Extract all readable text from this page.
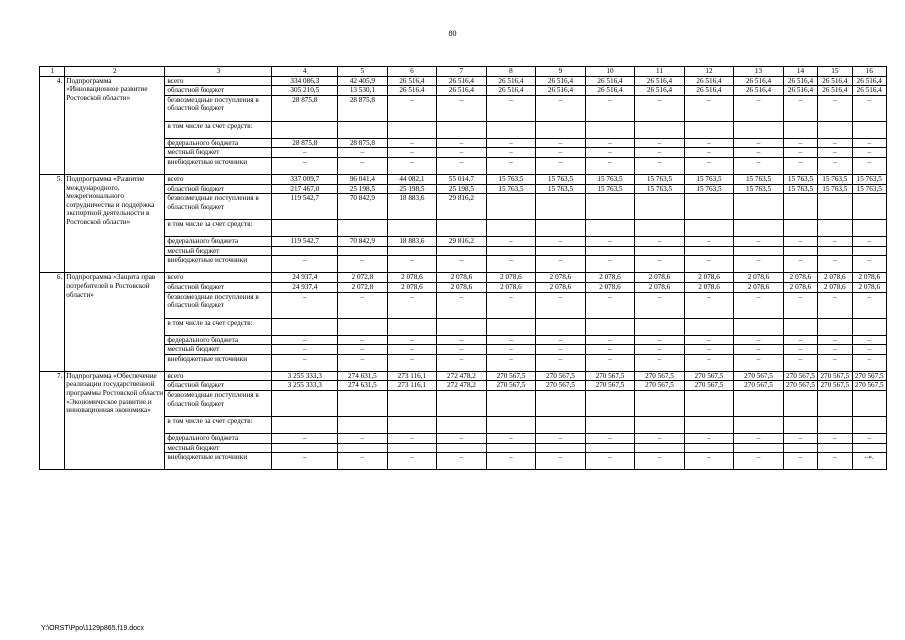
80
1	2	3	4	5	6	7	8	9	10	11	12	13	14	15	16
4.	Подпрограмма «Инновационное развитие Ростовской области»	всего	334 086,3	42 405,9	26 516,4	26 516,4	26 516,4	26 516,4	26 516,4	26 516,4	26 516,4	26 516,4	26 516,4	26 516,4	26 516,4
		областной бюджет	305 210,5	13 530,1	26 516,4	26 516,4	26 516,4	26 516,4	26 516,4	26 516,4	26 516,4	26 516,4	26 516,4	26 516,4	26 516,4
		безвозмездные поступления в областной бюджет	28 875,8	28 875,8	–	–	–	–	–	–	–	–	–	–	–
		в том числе за счет средств:													
		федерального бюджета	28 875,8	28 875,8	–	–	–	–	–	–	–	–	–	–	–
		местный бюджет	–	–	–	–	–	–	–	–	–	–	–	–	–
		внебюджетные источники	–	–	–	–	–	–	–	–	–	–	–	–	–
5.	Подпрограмма «Развитие международного, межрегионального сотрудничества и поддержка экспортной деятельности в Ростовской области»	всего	337 009,7	96 041,4	44 082,1	55 014,7	15 763,5	15 763,5	15 763,5	15 763,5	15 763,5	15 763,5	15 763,5	15 763,5	15 763,5
		областной бюджет	217 467,0	25 198,5	25 198,5	25 198,5	15 763,5	15 763,5	15 763,5	15 763,5	15 763,5	15 763,5	15 763,5	15 763,5	15 763,5
		безвозмездные поступления в областной бюджет	119 542,7	70 842,9	18 883,6	29 816,2									
		в том числе за счет средств:													
		федерального бюджета	119 542,7	70 842,9	18 883,6	29 816,2	–	–	–	–	–	–	–	–	–
		местный бюджет													
		внебюджетные источники	–	–	–	–	–	–	–	–	–	–	–	–	–
6.	Подпрограмма «Защита прав потребителей в Ростовской области»	всего	24 937,4	2 072,8	2 078,6	2 078,6	2 078,6	2 078,6	2 078,6	2 078,6	2 078,6	2 078,6	2 078,6	2 078,6	2 078,6
		областной бюджет	24 937,4	2 072,8	2 078,6	2 078,6	2 078,6	2 078,6	2 078,6	2 078,6	2 078,6	2 078,6	2 078,6	2 078,6	2 078,6
		безвозмездные поступления в областной бюджет	–	–	–	–	–	–	–	–	–	–	–	–	–
		в том числе за счет средств:													
		федерального бюджета	–	–	–	–	–	–	–	–	–	–	–	–	–
		местный бюджет	–	–	–	–	–	–	–	–	–	–	–	–	–
		внебюджетные источники	–	–	–	–	–	–	–	–	–	–	–	–	–
7.	Подпрограмма «Обеспечение реализации государственной программы Ростовской области «Экономическое развитие и инновационная экономика»	всего	3 255 333,3	274 631,5	273 116,1	272 478,2	270 567,5	270 567,5	270 567,5	270 567,5	270 567,5	270 567,5	270 567,5	270 567,5	270 567,5
		областной бюджет	3 255 333,3	274 631,5	273 116,1	272 478,2	270 567,5	270 567,5	270 567,5	270 567,5	270 567,5	270 567,5	270 567,5	270 567,5	270 567,5
		безвозмездные поступления в областной бюджет													
		в том числе за счет средств:													
		федерального бюджета	–	–	–	–	–	–	–	–	–	–	–	–	–
		местный бюджет													
		внебюджетные источники	–	–	–	–	–	–	–	–	–	–	–	–	–».
Y:\ORST\Ppo\1129p865.f19.docx
